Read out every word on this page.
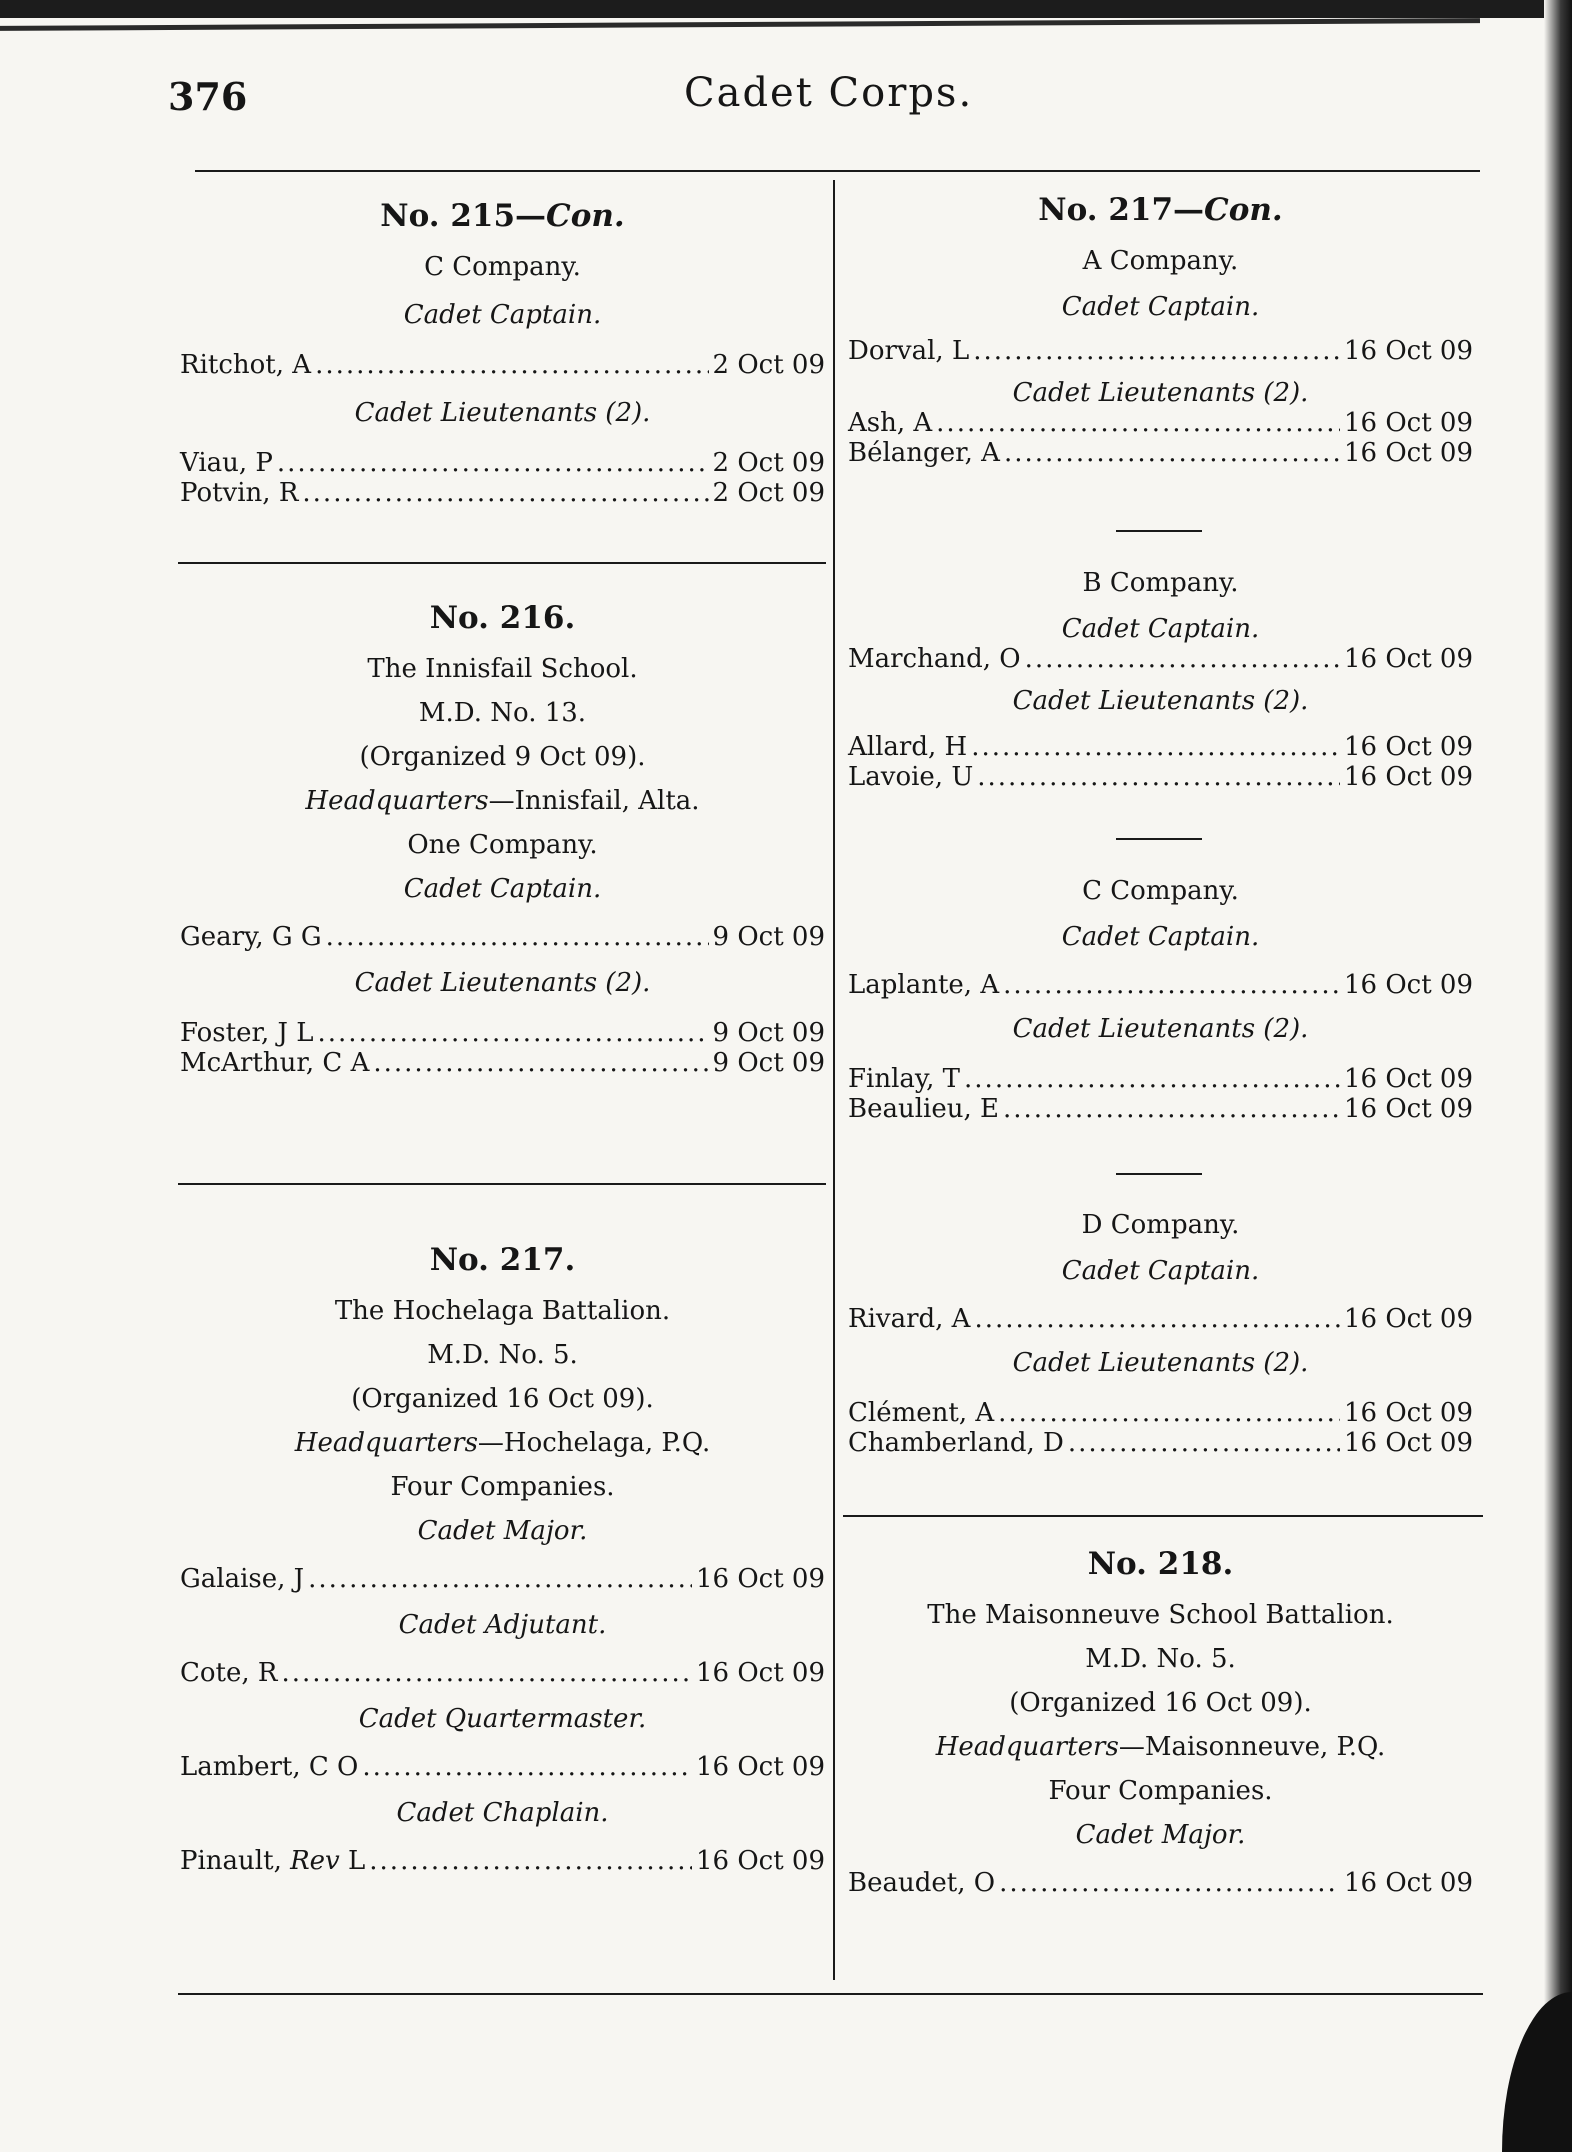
376	Cadet Corps.
No. 215—Con.
C Company.
Cadet Captain.
Ritchot, A .....	2 Oct 09
Cadet Lieutenants (2).
Viau, P .....	2 Oct 09
Potvin, R .....	2 Oct 09
No. 216.
The Innisfail School.
M.D. No. 13.
(Organized 9 Oct 09).
Headquarters—Innisfail, Alta.
One Company.
Cadet Captain.
Geary, G G .....	9 Oct 09
Cadet Lieutenants (2).
Foster, J L .....	9 Oct 09
McArthur, C A .....	9 Oct 09
No. 217.
The Hochelaga Battalion.
M.D. No. 5.
(Organized 16 Oct 09).
Headquarters—Hochelaga, P.Q.
Four Companies.
Cadet Major.
Galaise, J .....	16 Oct 09
Cadet Adjutant.
Cote, R .....	16 Oct 09
Cadet Quartermaster.
Lambert, C O .....	16 Oct 09
Cadet Chaplain.
Pinault, Rev L .....	16 Oct 09
No. 217—Con.
A Company.
Cadet Captain.
Dorval, L .....	16 Oct 09
Cadet Lieutenants (2).
Ash, A .....	16 Oct 09
Bélanger, A .....	16 Oct 09
B Company.
Cadet Captain.
Marchand, O .....	16 Oct 09
Cadet Lieutenants (2).
Allard, H .....	16 Oct 09
Lavoie, U .....	16 Oct 09
C Company.
Cadet Captain.
Laplante, A .....	16 Oct 09
Cadet Lieutenants (2).
Finlay, T .....	16 Oct 09
Beaulieu, E .....	16 Oct 09
D Company.
Cadet Captain.
Rivard, A .....	16 Oct 09
Cadet Lieutenants (2).
Clément, A .....	16 Oct 09
Chamberland, D .....	16 Oct 09
No. 218.
The Maisonneuve School Battalion.
M.D. No. 5.
(Organized 16 Oct 09).
Headquarters—Maisonneuve, P.Q.
Four Companies.
Cadet Major.
Beaudet, O .....	16 Oct 09
